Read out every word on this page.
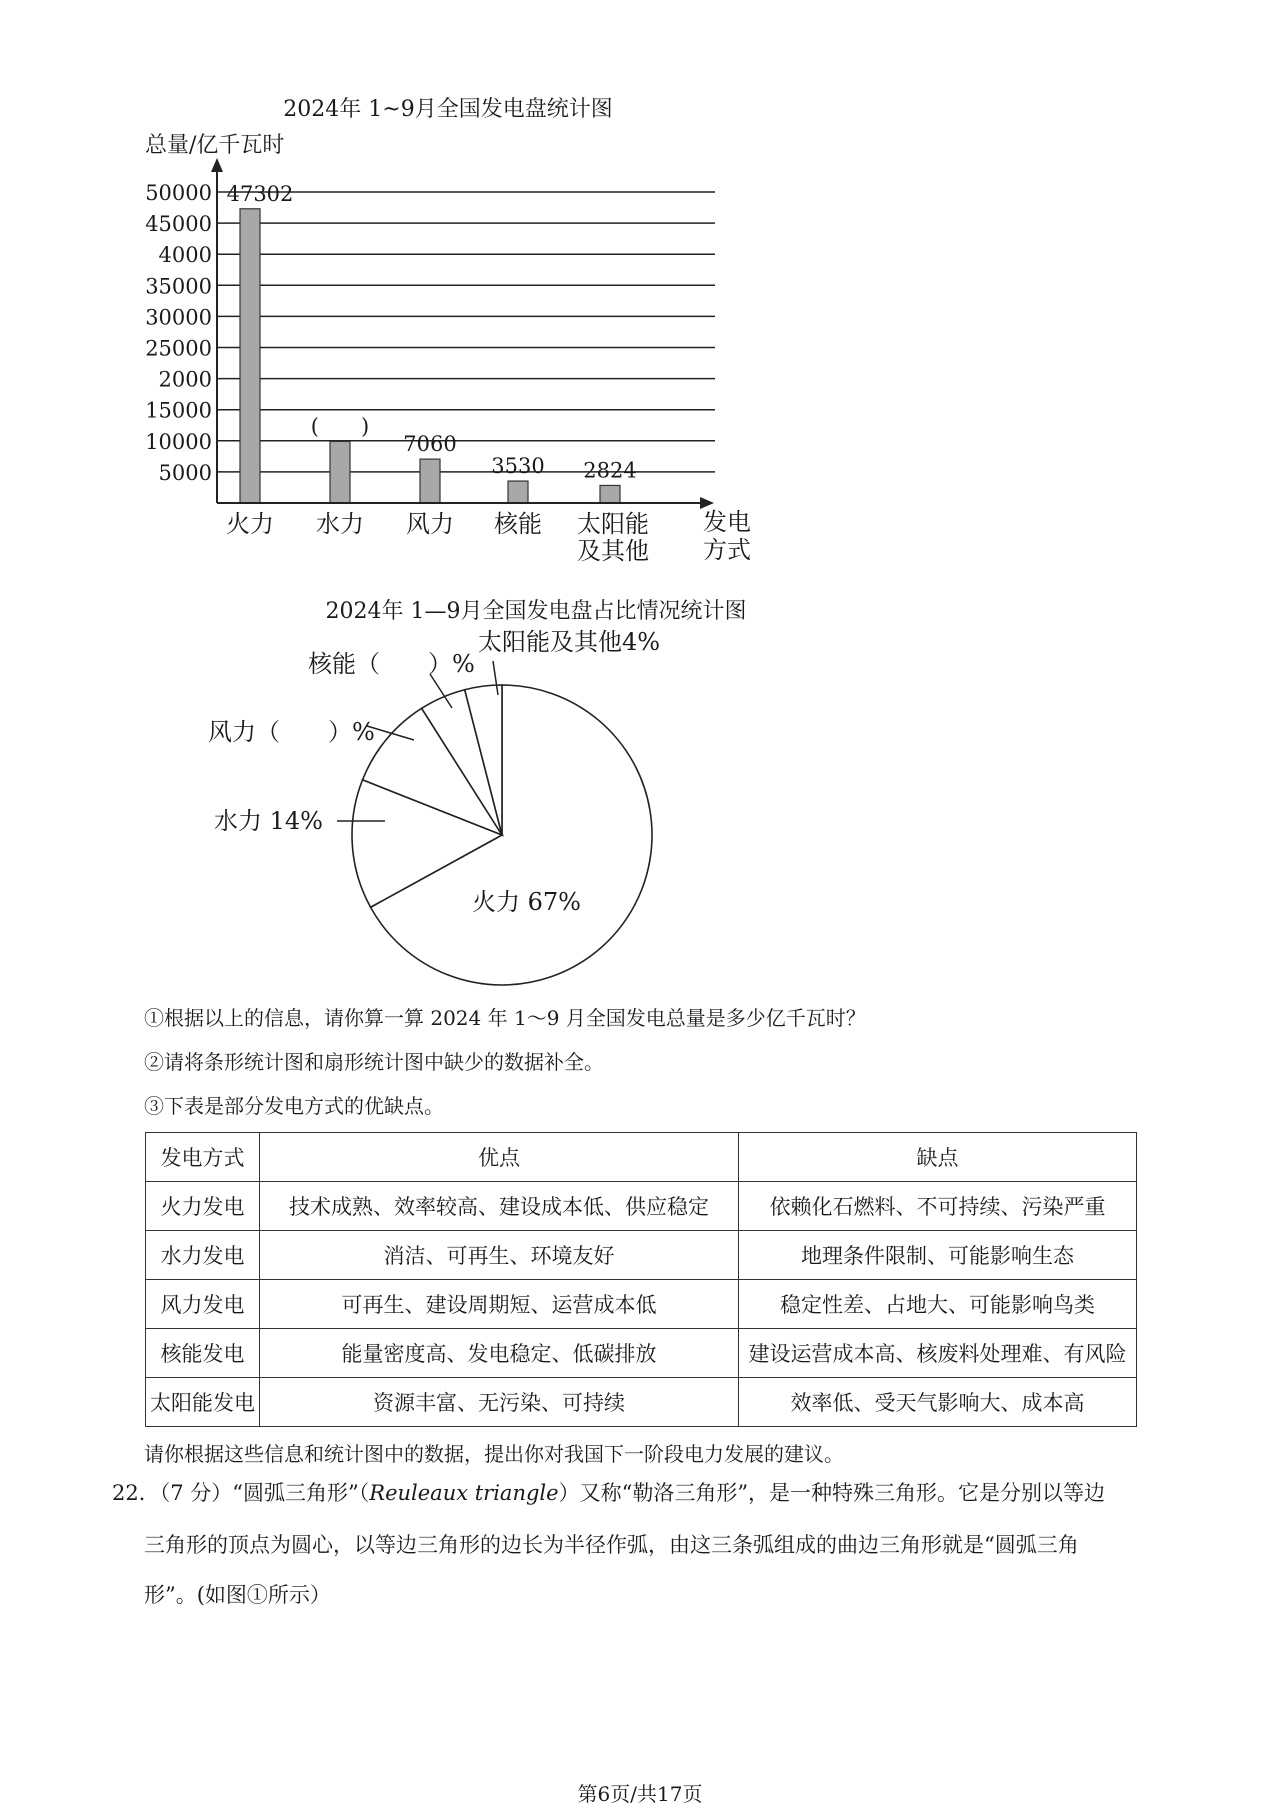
2024年 1~9月全国发电盘统计图
总量/亿千瓦时
5000
10000
15000
2000
25000
30000
35000
4000
45000
50000 47302
(　　)
7060
3530 2824
火力 水力 风力 核能 太阳能
及其他
发电
方式
2024年 1—9月全国发电盘占比情况统计图
火力 67%
水力 14%
风力（　　）%
核能（　　）%
太阳能及其他4%
①根据以上的信息，请你算一算 2024 年 1～9 月全国发电总量是多少亿千瓦时？
②请将条形统计图和扇形统计图中缺少的数据补全。
③下表是部分发电方式的优缺点。
发电方式	优点	缺点
火力发电	技术成熟、效率较高、建设成本低、供应稳定	依赖化石燃料、不可持续、污染严重
水力发电	消洁、可再生、环境友好	地理条件限制、可能影响生态
风力发电	可再生、建设周期短、运营成本低	稳定性差、占地大、可能影响鸟类
核能发电	能量密度高、发电稳定、低碳排放	建设运营成本高、核废料处理难、有风险
太阳能发电	资源丰富、无污染、可持续	效率低、受天气影响大、成本高
请你根据这些信息和统计图中的数据，提出你对我国下一阶段电力发展的建议。
22．（7 分）“圆弧三角形”（Reuleaux triangle）又称“勒洛三角形”，是一种特殊三角形。它是分别以等边
三角形的顶点为圆心，以等边三角形的边长为半径作弧，由这三条弧组成的曲边三角形就是“圆弧三角
形”。(如图①所示）
第6页/共17页
